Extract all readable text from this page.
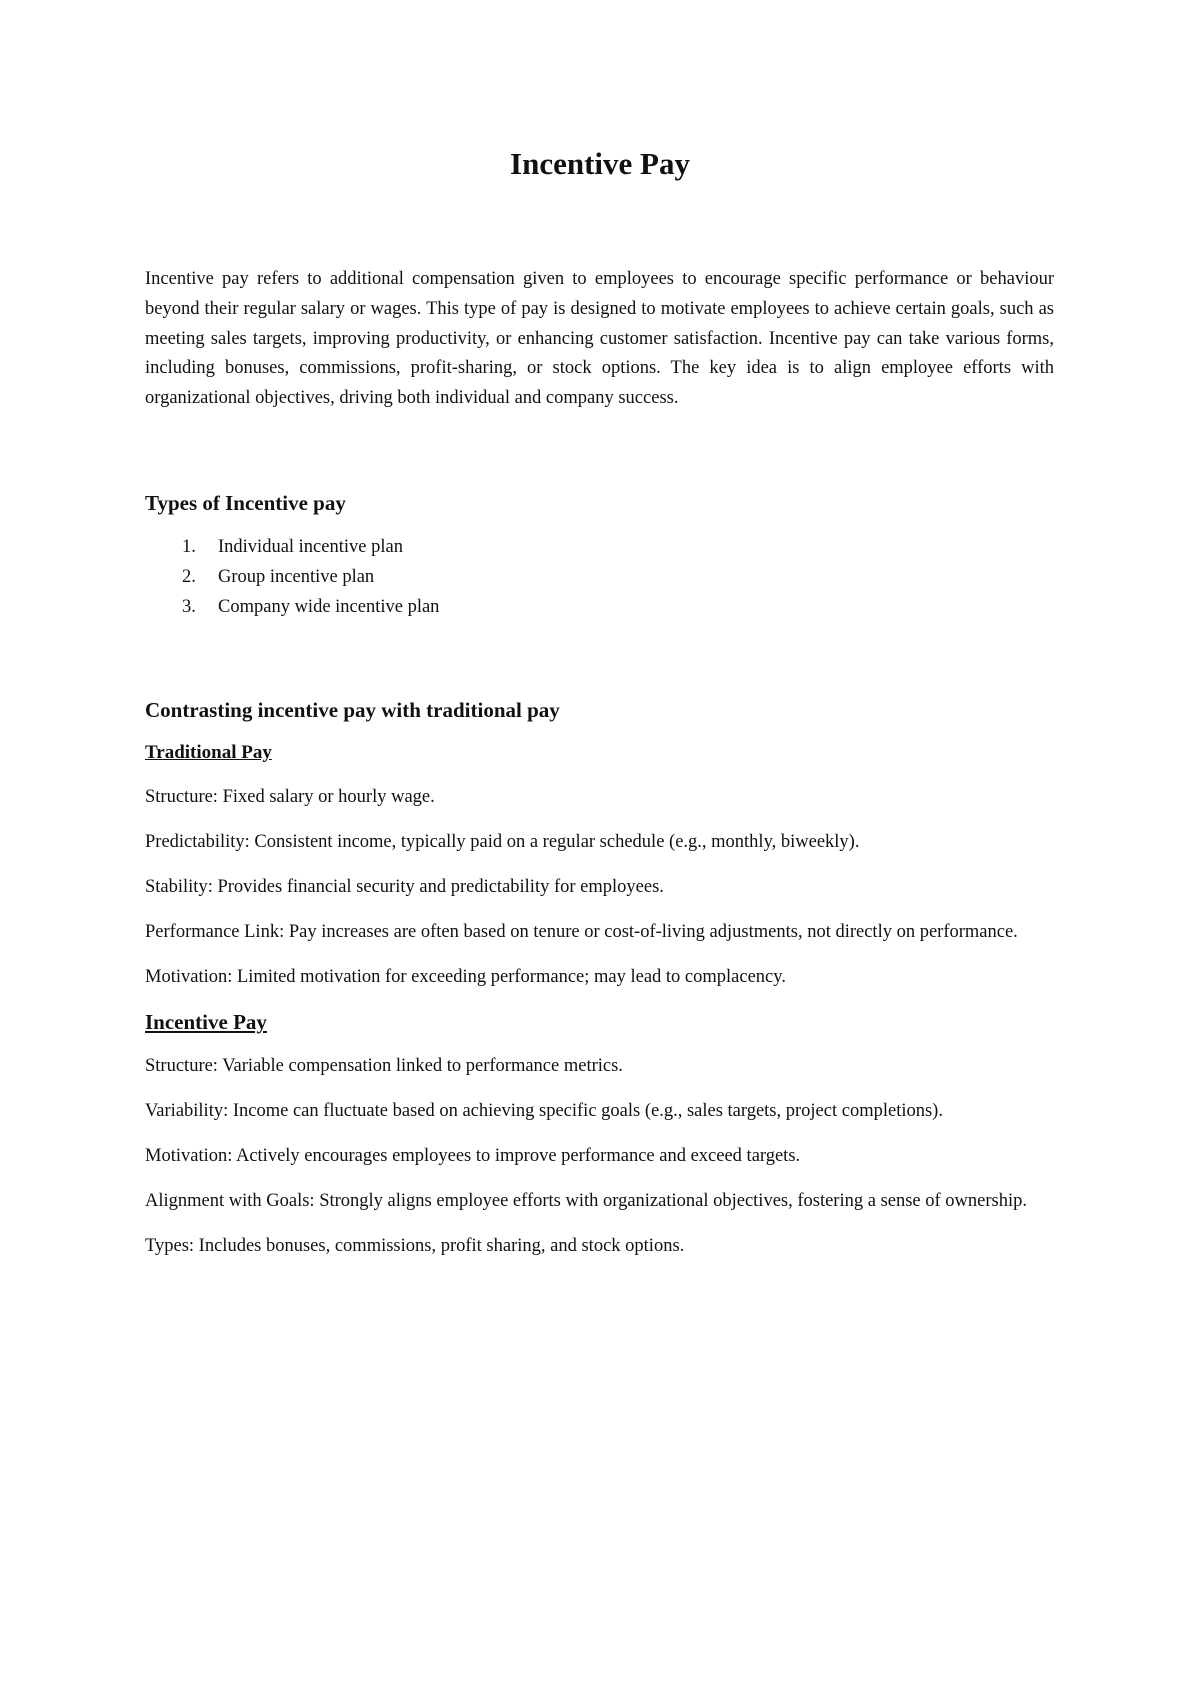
Incentive Pay

Incentive pay refers to additional compensation given to employees to encourage specific performance or behaviour beyond their regular salary or wages. This type of pay is designed to motivate employees to achieve certain goals, such as meeting sales targets, improving productivity, or enhancing customer satisfaction. Incentive pay can take various forms, including bonuses, commissions, profit-sharing, or stock options. The key idea is to align employee efforts with organizational objectives, driving both individual and company success.

Types of Incentive pay
1. Individual incentive plan
2. Group incentive plan
3. Company wide incentive plan
Contrasting incentive pay with traditional pay
Traditional Pay

Structure: Fixed salary or hourly wage.

Predictability: Consistent income, typically paid on a regular schedule (e.g., monthly, biweekly).

Stability: Provides financial security and predictability for employees.

Performance Link: Pay increases are often based on tenure or cost-of-living adjustments, not directly on performance.

Motivation: Limited motivation for exceeding performance; may lead to complacency.

Incentive Pay

Structure: Variable compensation linked to performance metrics.

Variability: Income can fluctuate based on achieving specific goals (e.g., sales targets, project completions).

Motivation: Actively encourages employees to improve performance and exceed targets.

Alignment with Goals: Strongly aligns employee efforts with organizational objectives, fostering a sense of ownership.

Types: Includes bonuses, commissions, profit sharing, and stock options.
